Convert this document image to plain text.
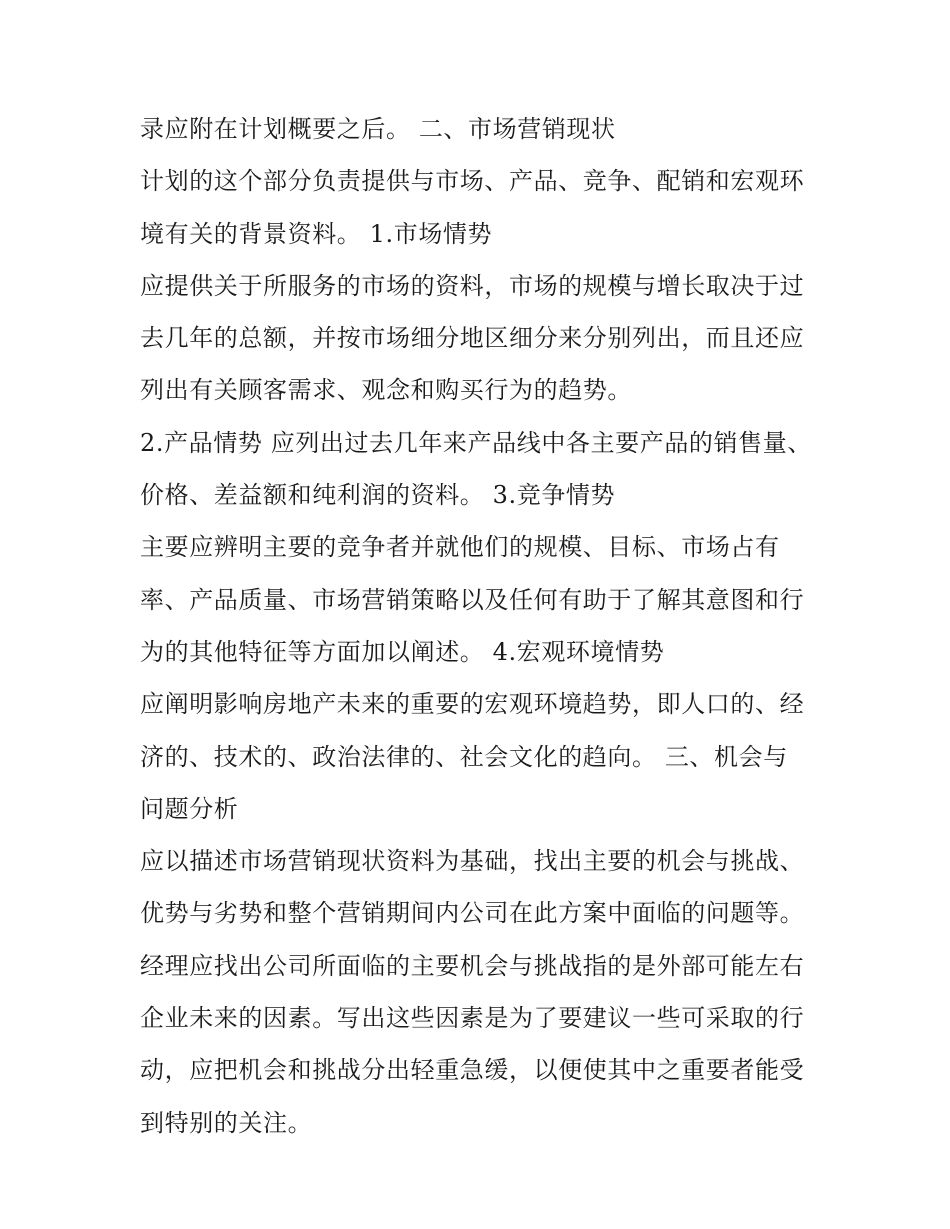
录应附在计划概要之后。 二、市场营销现状
计划的这个部分负责提供与市场、产品、竞争、配销和宏观环
境有关的背景资料。 1.市场情势
应提供关于所服务的市场的资料，市场的规模与增长取决于过
去几年的总额，并按市场细分地区细分来分别列出，而且还应
列出有关顾客需求、观念和购买行为的趋势。
2.产品情势 应列出过去几年来产品线中各主要产品的销售量、
价格、差益额和纯利润的资料。 3.竞争情势
主要应辨明主要的竞争者并就他们的规模、目标、市场占有
率、产品质量、市场营销策略以及任何有助于了解其意图和行
为的其他特征等方面加以阐述。 4.宏观环境情势
应阐明影响房地产未来的重要的宏观环境趋势，即人口的、经
济的、技术的、政治法律的、社会文化的趋向。 三、机会与
问题分析
应以描述市场营销现状资料为基础，找出主要的机会与挑战、
优势与劣势和整个营销期间内公司在此方案中面临的问题等。
经理应找出公司所面临的主要机会与挑战指的是外部可能左右
企业未来的因素。写出这些因素是为了要建议一些可采取的行
动，应把机会和挑战分出轻重急缓，以便使其中之重要者能受
到特别的关注。
